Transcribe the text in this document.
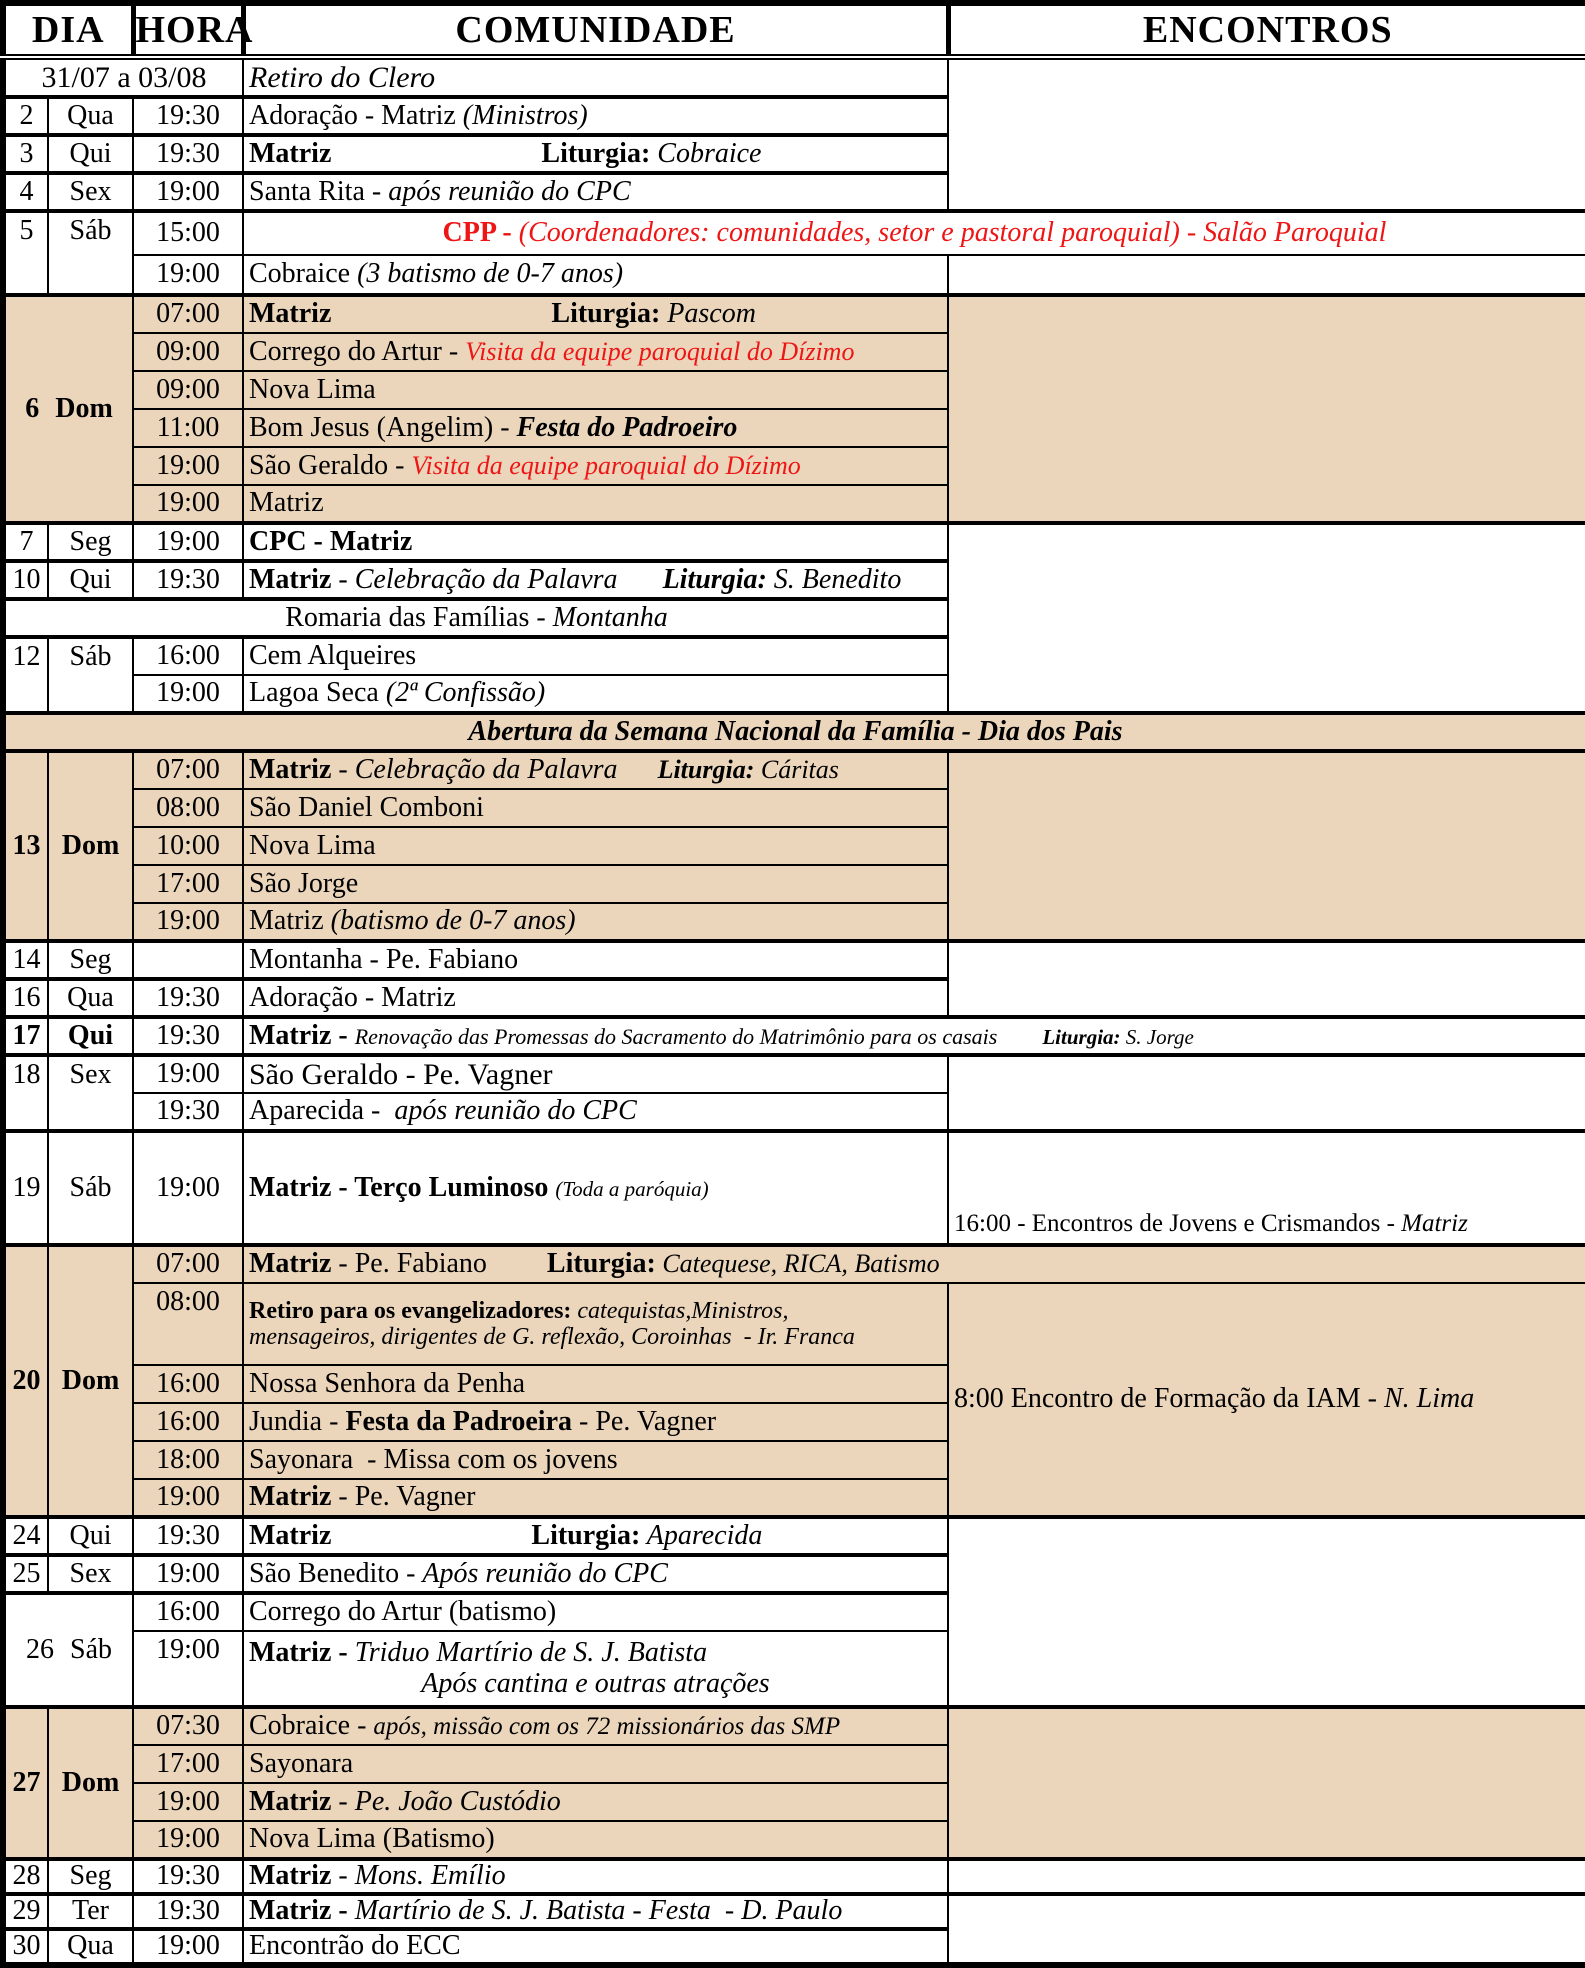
DIA		HORA	COMUNIDADE	ENCONTROS

31/07 a 03/08			Retiro do Clero	

2	Qua	19:30	Adoração - Matriz (Ministros)	

3	Qui	19:30	Matriz Liturgia: Cobraice	

4	Sex	19:00	Santa Rita - após reunião do CPC	

5	Sáb	15:00	CPP - (Coordenadores: comunidades, setor e pastoral paroquial) - Salão Paroquial	

		19:00	Cobraice (3 batismo de 0-7 anos)	

6 Dom		07:00	Matriz Liturgia: Pascom	

		09:00	Corrego do Artur - Visita da equipe paroquial do Dízimo	

		09:00	Nova Lima	

		11:00	Bom Jesus (Angelim) - Festa do Padroeiro	

		19:00	São Geraldo - Visita da equipe paroquial do Dízimo	

		19:00	Matriz	

7	Seg	19:00	CPC - Matriz	

10	Qui	19:30	Matriz - Celebração da Palavra Liturgia: S. Benedito	

Romaria das Famílias - Montanha				

12	Sáb	16:00	Cem Alqueires	

		19:00	Lagoa Seca (2ª Confissão)	

Abertura da Semana Nacional da Família - Dia dos Pais				

13	Dom	07:00	Matriz - Celebração da Palavra Liturgia: Cáritas	

		08:00	São Daniel Comboni	

		10:00	Nova Lima	

		17:00	São Jorge	

		19:00	Matriz (batismo de 0-7 anos)	

14	Seg		Montanha - Pe. Fabiano	

16	Qua	19:30	Adoração - Matriz	

17	Qui	19:30	Matriz - Renovação das Promessas do Sacramento do Matrimônio para os casais Liturgia: S. Jorge	

18	Sex	19:00	São Geraldo - Pe. Vagner	

		19:30	Aparecida -  após reunião do CPC	

19	Sáb	19:00	Matriz - Terço Luminoso (Toda a paróquia)	16:00 - Encontros de Jovens e Crismandos - Matriz

20	Dom	07:00	Matriz - Pe. Fabiano Liturgia: Catequese, RICA, Batismo	

		08:00	Retiro para os evangelizadores: catequistas,Ministros,
mensageiros, dirigentes de G. reflexão, Coroinhas  - Ir. Franca	8:00 Encontro de Formação da IAM - N. Lima

		16:00	Nossa Senhora da Penha	

		16:00	Jundia - Festa da Padroeira - Pe. Vagner	

		18:00	Sayonara  - Missa com os jovens	

		19:00	Matriz - Pe. Vagner	

24	Qui	19:30	Matriz Liturgia: Aparecida	

25	Sex	19:00	São Benedito - Após reunião do CPC	

26 Sáb		16:00	Corrego do Artur (batismo)	

		19:00	Matriz - Triduo Martírio de S. J. Batista
Após cantina e outras atrações	

27	Dom	07:30	Cobraice - após, missão com os 72 missionários das SMP	

		17:00	Sayonara	

		19:00	Matriz - Pe. João Custódio	

		19:00	Nova Lima (Batismo)	

28	Seg	19:30	Matriz - Mons. Emílio	

29	Ter	19:30	Matriz - Martírio de S. J. Batista - Festa  - D. Paulo	

30	Qua	19:00	Encontrão do ECC	
